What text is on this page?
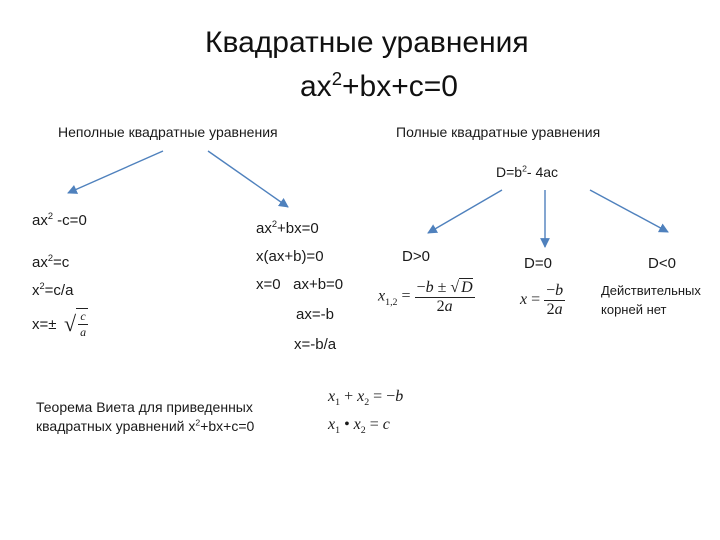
Квадратные уравнения
$ax^2+bx+c=0$
Неполные квадратные уравнения	Полные квадратные уравнения
$D=b^2-$ 4ac
$ax^2$ -c=0
$ax^2=c$
$x^2=c/a$
x=± √ $\frac{c}{a}$
$ax^2+bx=0$
x(ax+b)=0
x=0   ax+b=0
ax=-b
x=-b/a
D>0	D=0	D<0
Действительных
корней нет
$x_{1,2} = \frac{-b \pm √ D}{2a}$	$x = \frac{-b}{2a}$
Теорема Виета для приведенных
квадратных уравнений $x^2+bx+c=0$
$x_1 + x_2 = -b$
$x_1$ • $x_2 = c$
